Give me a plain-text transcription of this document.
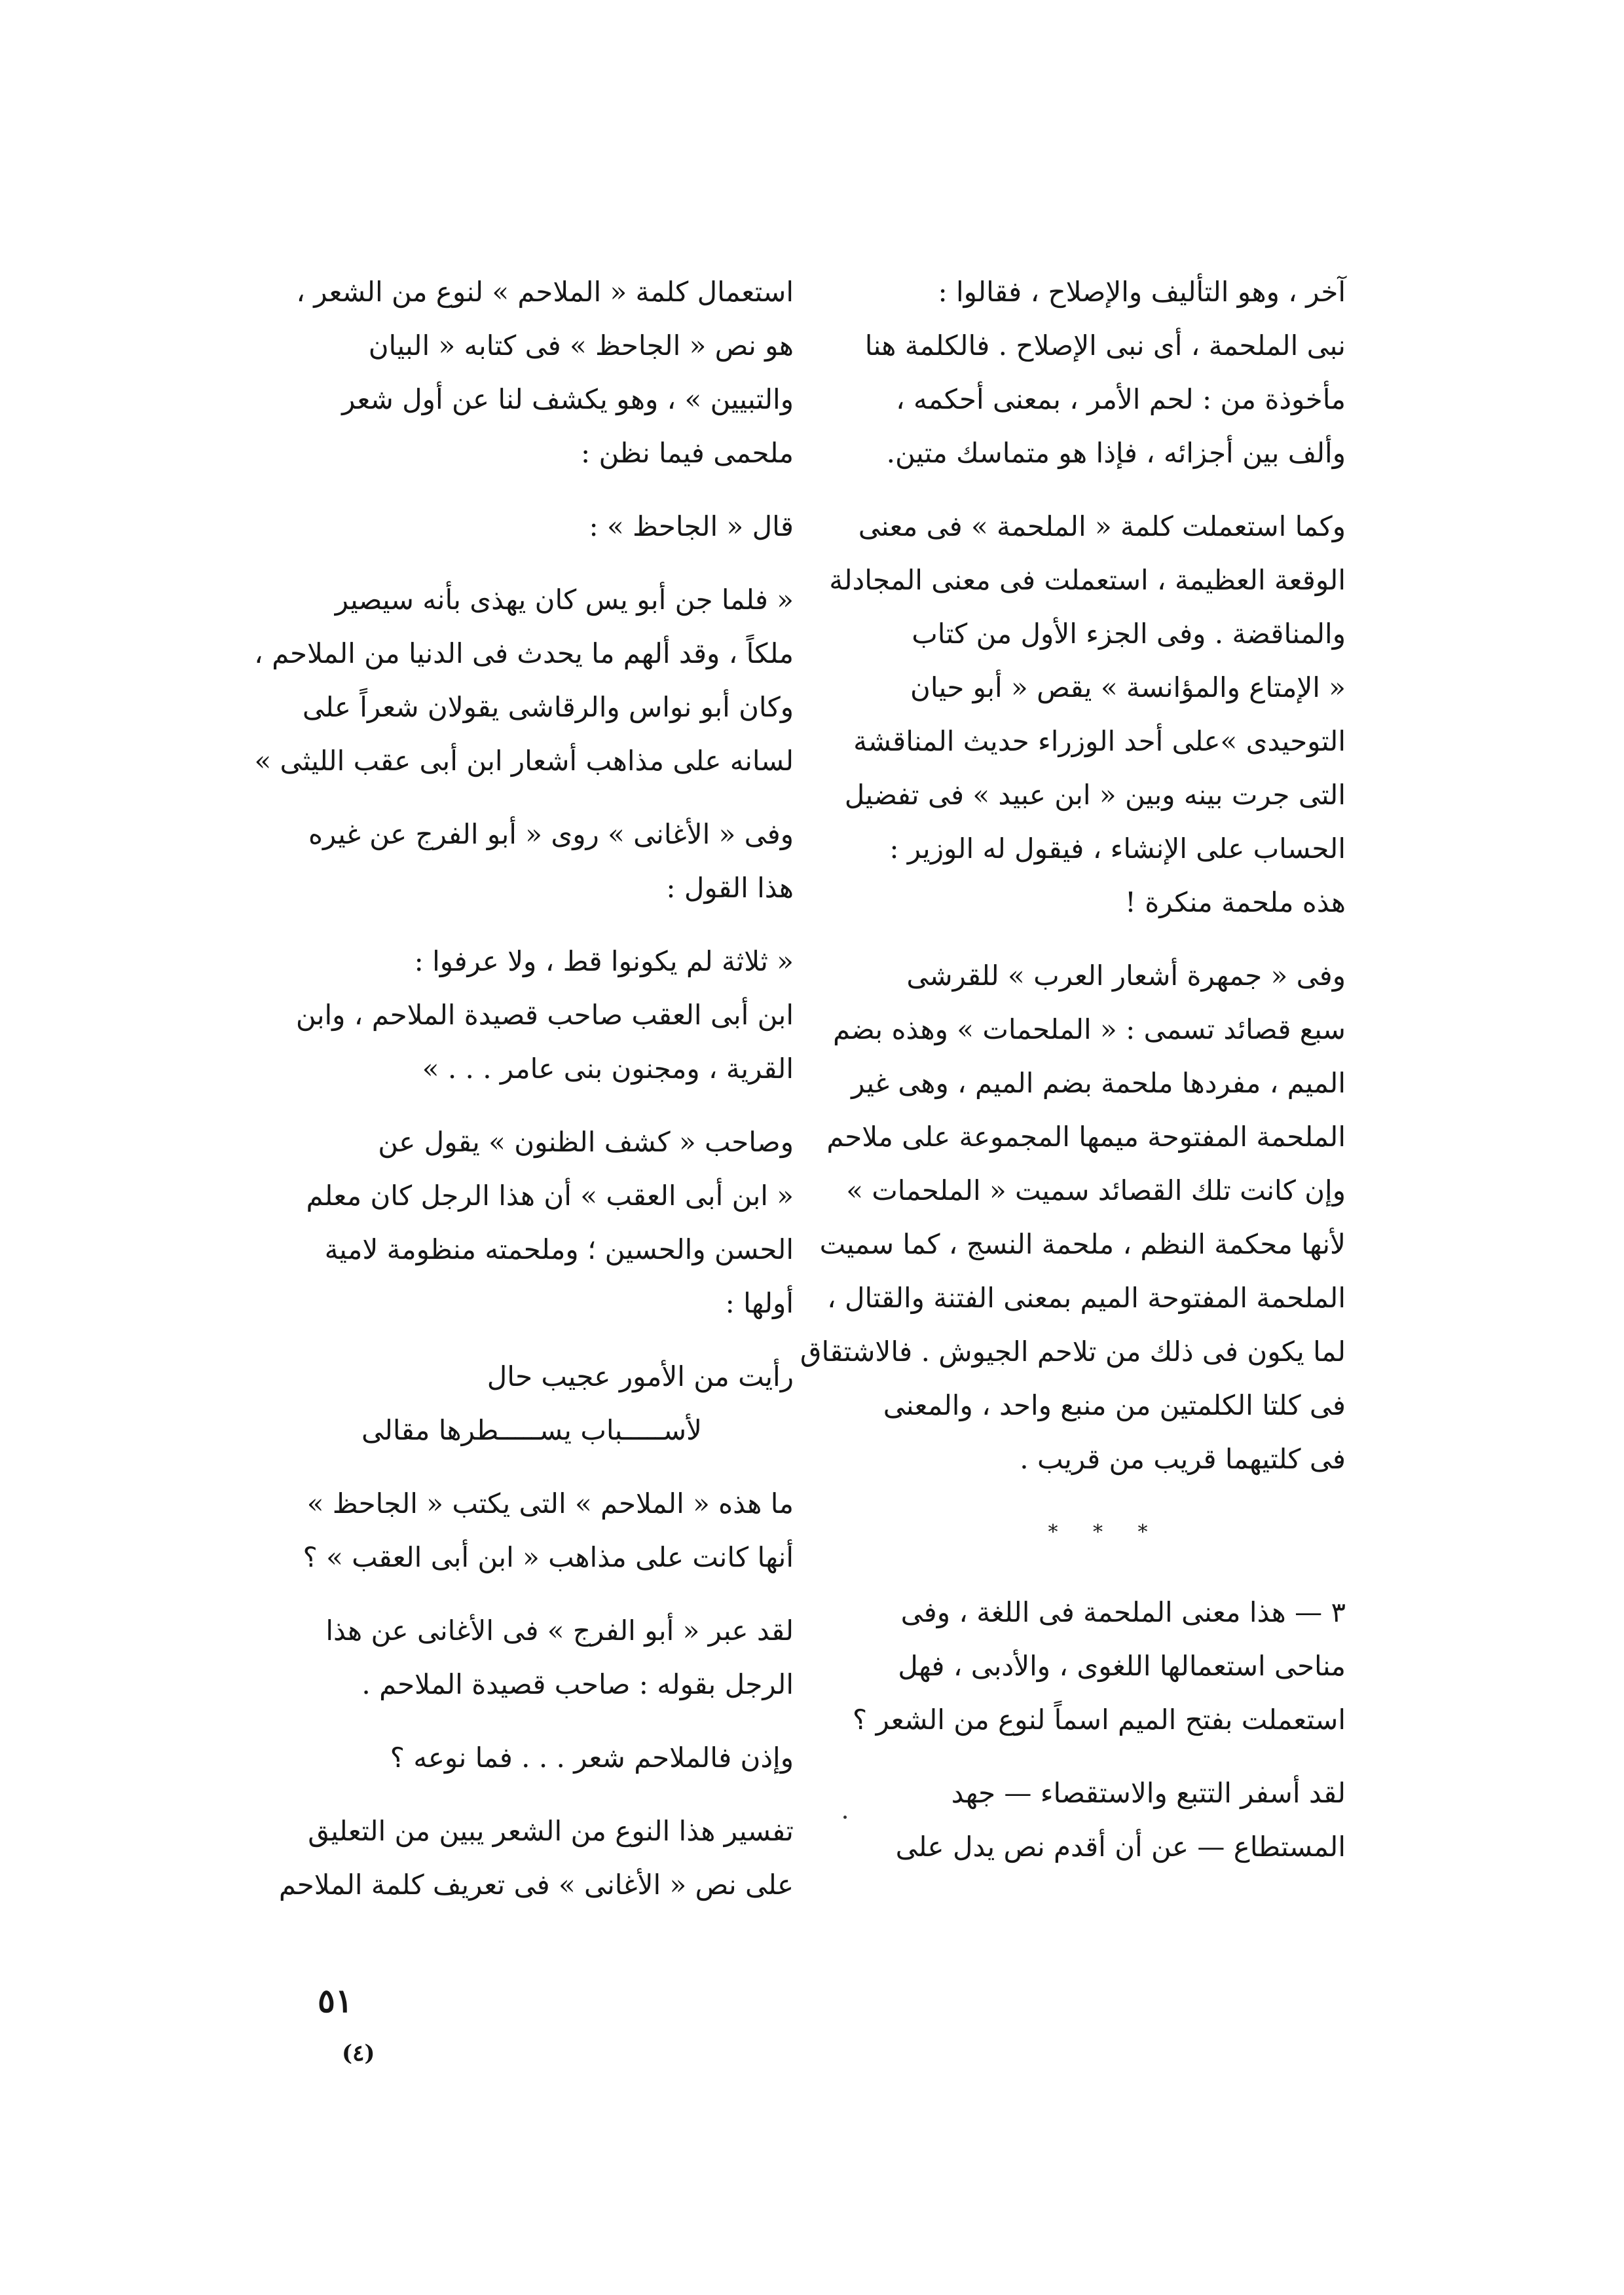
آخر ، وهو التأليف والإصلاح ، فقالوا :
نبى الملحمة ، أى نبى الإصلاح . فالكلمة هنا
مأخوذة من : لحم الأمر ، بمعنى أحكمه ،
وألف بين أجزائه ، فإذا هو متماسك متين.

وكما استعملت كلمة « الملحمة » فى معنى
الوقعة العظيمة ، استعملت فى معنى المجادلة
والمناقضة . وفى الجزء الأول من كتاب
« الإمتاع والمؤانسة » يقص « أبو حيان
التوحيدى »على أحد الوزراء حديث المناقشة
التى جرت بينه وبين « ابن عبيد » فى تفضيل
الحساب على الإنشاء ، فيقول له الوزير :
هذه ملحمة منكرة !

وفى « جمهرة أشعار العرب » للقرشى
سبع قصائد تسمى : « الملحمات » وهذه بضم
الميم ، مفردها ملحمة بضم الميم ، وهى غير
الملحمة المفتوحة ميمها المجموعة على ملاحم
وإن كانت تلك القصائد سميت « الملحمات »
لأنها محكمة النظم ، ملحمة النسج ، كما سميت
الملحمة المفتوحة الميم بمعنى الفتنة والقتال ،
لما يكون فى ذلك من تلاحم الجيوش . فالاشتقاق
فى كلتا الكلمتين من منبع واحد ، والمعنى
فى كلتيهما قريب من قريب .

* * *

٣ — هذا معنى الملحمة فى اللغة ، وفى
مناحى استعمالها اللغوى ، والأدبى ، فهل
استعملت بفتح الميم اسماً لنوع من الشعر ؟

لقد أسفر التتبع والاستقصاء — جهد
المستطاع — عن أن أقدم نص يدل على

استعمال كلمة « الملاحم » لنوع من الشعر ،
هو نص « الجاحظ » فى كتابه « البيان
والتبيين » ، وهو يكشف لنا عن أول شعر
ملحمى فيما نظن :

قال « الجاحظ » :

« فلما جن أبو يس كان يهذى بأنه سيصير
ملكاً ، وقد ألهم ما يحدث فى الدنيا من الملاحم ،
وكان أبو نواس والرقاشى يقولان شعراً على
لسانه على مذاهب أشعار ابن أبى عقب الليثى »

وفى « الأغانى » روى « أبو الفرج عن غيره
هذا القول :

« ثلاثة لم يكونوا قط ، ولا عرفوا :
ابن أبى العقب صاحب قصيدة الملاحم ، وابن
القرية ، ومجنون بنى عامر . . . »

وصاحب « كشف الظنون » يقول عن
« ابن أبى العقب » أن هذا الرجل كان معلم
الحسن والحسين ؛ وملحمته منظومة لامية
أولها :

رأيت من الأمور عجيب حال
لأســـــباب يســـــطرها مقالى

ما هذه « الملاحم » التى يكتب « الجاحظ »
أنها كانت على مذاهب « ابن أبى العقب » ؟

لقد عبر « أبو الفرج » فى الأغانى عن هذا
الرجل بقوله : صاحب قصيدة الملاحم .

وإذن فالملاحم شعر . . . فما نوعه ؟

تفسير هذا النوع من الشعر يبين من التعليق
على نص « الأغانى » فى تعريف كلمة الملاحم

٥١
(٤)
